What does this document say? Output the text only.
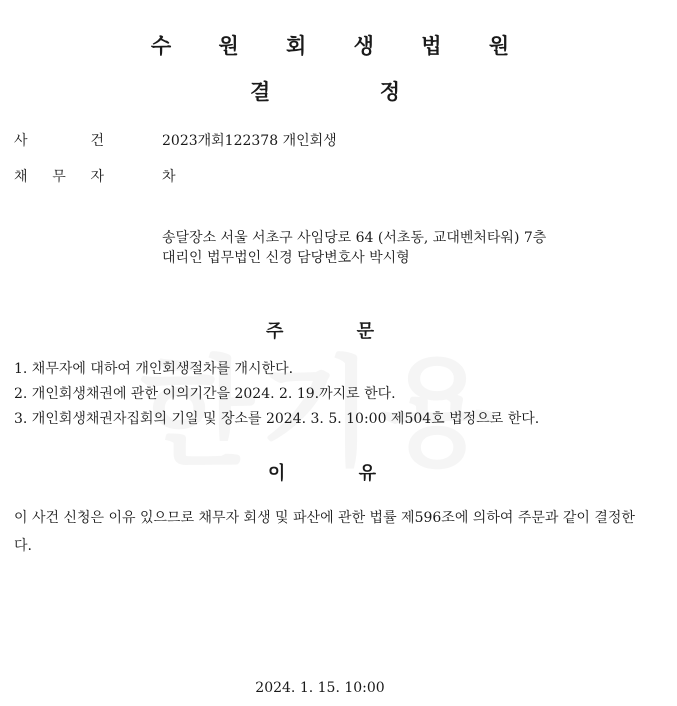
수 원 회 생 법 원
결	정
사	건	2023개회122378 개인회생
채 무 자	차
송달장소 서울 서초구 사임당로 64 (서초동, 교대벤처타워) 7층
대리인 법무법인 신경 담당변호사 박시형
주	문
1. 채무자에 대하여 개인회생절차를 개시한다.
2. 개인회생채권에 관한 이의기간을 2024. 2. 19.까지로 한다.
3. 개인회생채권자집회의 기일 및 장소를 2024. 3. 5. 10:00 제504호 법정으로 한다.
이	유

이 사건 신청은 이유 있으므로 채무자 회생 및 파산에 관한 법률 제596조에 의하여 주문과 같이 결정한다.

2024. 1. 15. 10:00
